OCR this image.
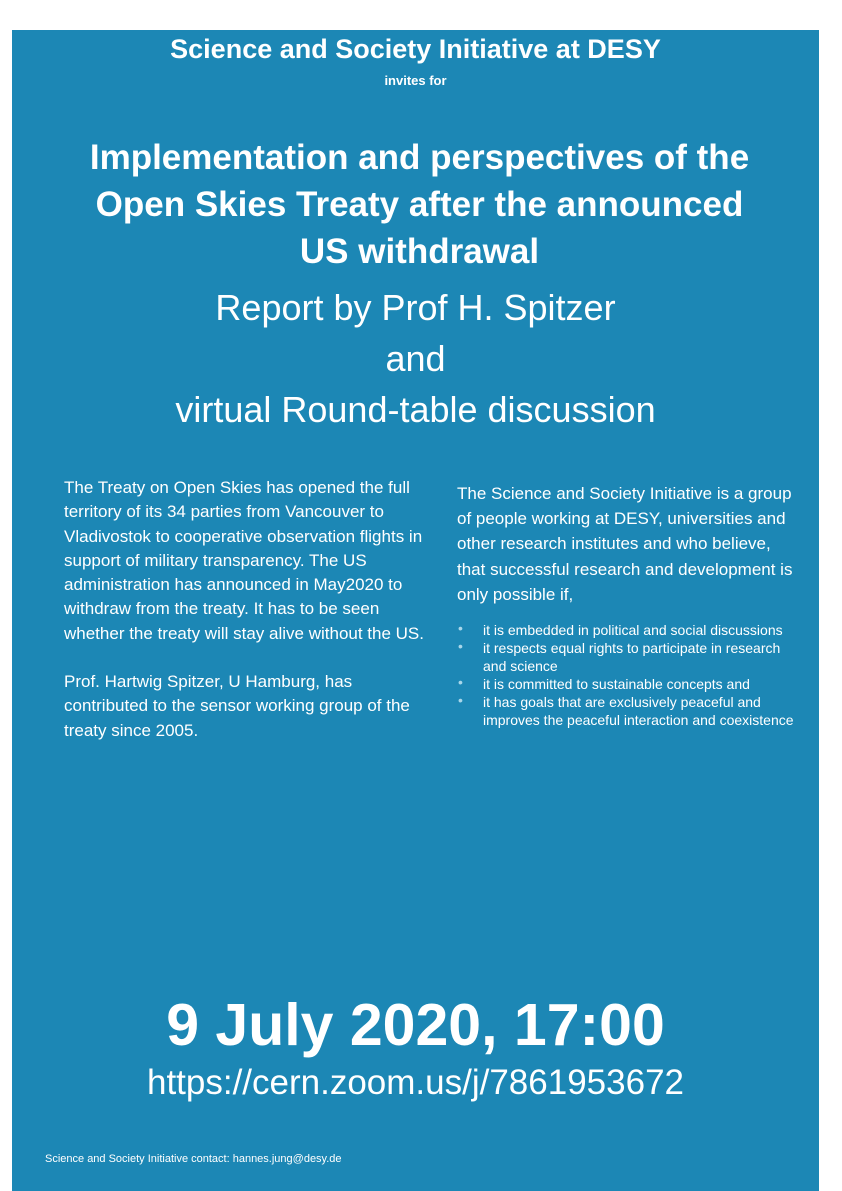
Science and Society Initiative at DESY
invites for
Implementation and perspectives of the
Open Skies Treaty after the announced
US withdrawal
Report by Prof H. Spitzer
and
virtual Round-table discussion

The Treaty on Open Skies has opened the full territory of its 34 parties from Vancouver to Vladivostok to cooperative observation flights in support of military transparency. The US administration has announced in May2020 to withdraw from the treaty. It has to be seen whether the treaty will stay alive without the US.

Prof. Hartwig Spitzer, U Hamburg, has contributed to the sensor working group of the treaty since 2005.

The Science and Society Initiative is a group of people working at DESY, universities and other research institutes and who believe, that successful research and development is only possible if,

• it is embedded in political and social discussions
• it respects equal rights to participate in research and science
• it is committed to sustainable concepts and
• it has goals that are exclusively peaceful and improves the peaceful interaction and coexistence
9 July 2020, 17:00
https://cern.zoom.us/j/7861953672
Science and Society Initiative contact: hannes.jung@desy.de
